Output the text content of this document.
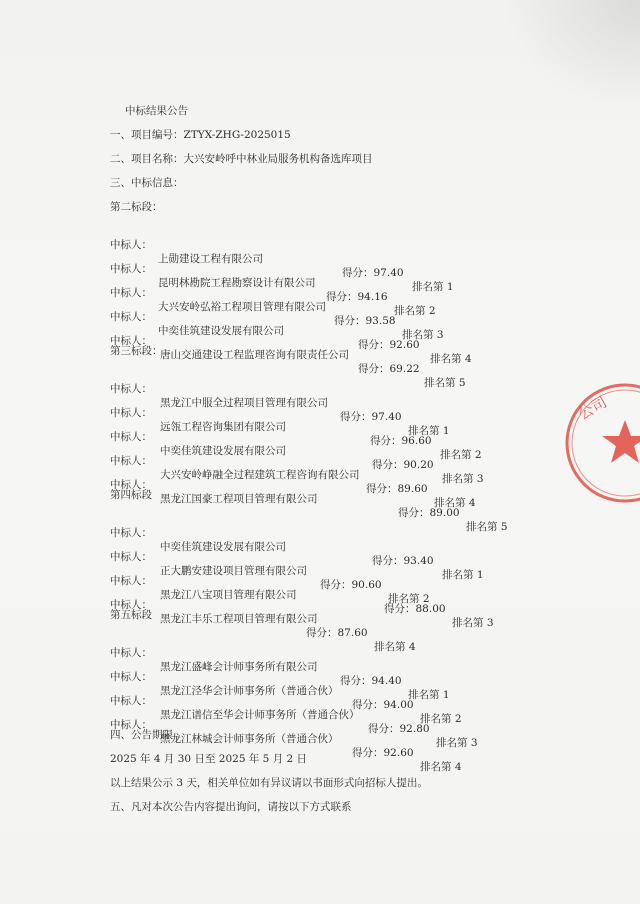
中标结果公告
一、项目编号：ZTYX-ZHG-2025015
二、项目名称：大兴安岭呼中林业局服务机构备选库项目
三、中标信息：
第二标段：

中标人：

上勋建设工程有限公司

得分：97.40

排名第 1

中标人：

昆明林勘院工程勘察设计有限公司

得分：94.16

排名第 2

中标人：

大兴安岭弘裕工程项目管理有限公司

得分：93.58

排名第 3

中标人：

中奕佳筑建设发展有限公司

得分：92.60

排名第 4

中标人：

唐山交通建设工程监理咨询有限责任公司

得分：69.22

排名第 5

第三标段：

中标人：

黑龙江中服全过程项目管理有限公司

得分：97.40

排名第 1

中标人：

远瓴工程咨询集团有限公司

得分：96.60

排名第 2

中标人：

中奕佳筑建设发展有限公司

得分：90.20

排名第 3

中标人：

大兴安岭峥融全过程建筑工程咨询有限公司

得分：89.60

排名第 4

中标人：

黑龙江国豪工程项目管理有限公司

得分：89.00

排名第 5

第四标段

中标人：

中奕佳筑建设发展有限公司

得分：93.40

排名第 1

中标人：

正大鹏安建设项目管理有限公司

得分：90.60

排名第 2

中标人：

黑龙江八宝项目管理有限公司

得分：88.00

排名第 3

中标人：

黑龙江丰乐工程项目管理有限公司

得分：87.60

排名第 4

第五标段

中标人：

黑龙江盛峰会计师事务所有限公司

得分：94.40

排名第 1

中标人：

黑龙江泾华会计师事务所（普通合伙）

得分：94.00

排名第 2

中标人：

黑龙江谱信至华会计师事务所（普通合伙）

得分：92.80

排名第 3

中标人：

黑龙江林城会计师事务所（普通合伙）

得分：92.60

排名第 4

四、公告期限
2025 年 4 月 30 日至 2025 年 5 月 2 日
以上结果公示 3 天，相关单位如有异议请以书面形式向招标人提出。
五、凡对本次公告内容提出询问，请按以下方式联系
公司
